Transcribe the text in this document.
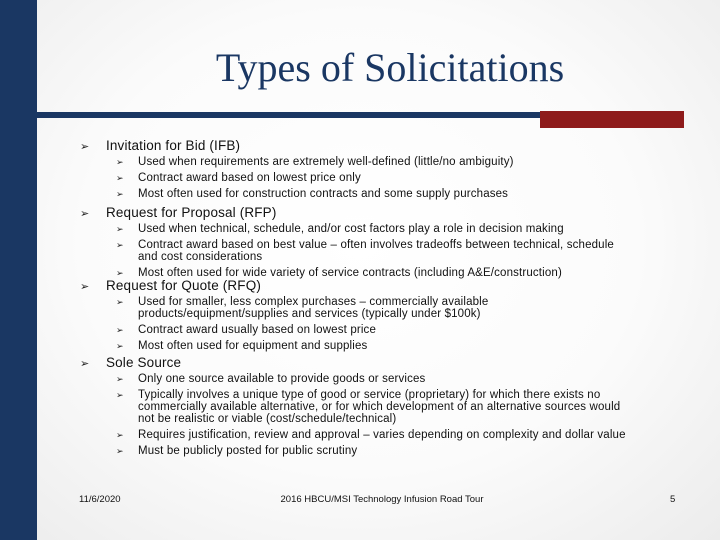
Types of Solicitations
➢ Invitation for Bid (IFB)
➢ Used when requirements are extremely well-defined (little/no ambiguity)
➢ Contract award based on lowest price only
➢ Most often used for construction contracts and some supply purchases
➢ Request for Proposal (RFP)
➢ Used when technical, schedule, and/or cost factors play a role in decision making
➢ Contract award based on best value – often involves tradeoffs between technical, schedule
and cost considerations
➢ Most often used for wide variety of service contracts (including A&E/construction)
➢ Request for Quote (RFQ)
➢ Used for smaller, less complex purchases – commercially available
products/equipment/supplies and services (typically under $100k)
➢ Contract award usually based on lowest price
➢ Most often used for equipment and supplies
➢ Sole Source
➢ Only one source available to provide goods or services
➢ Typically involves a unique type of good or service (proprietary) for which there exists no
commercially available alternative, or for which development of an alternative sources would
not be realistic or viable (cost/schedule/technical)
➢ Requires justification, review and approval – varies depending on complexity and dollar value
➢ Must be publicly posted for public scrutiny
11/6/2020	2016 HBCU/MSI Technology Infusion Road Tour	5
